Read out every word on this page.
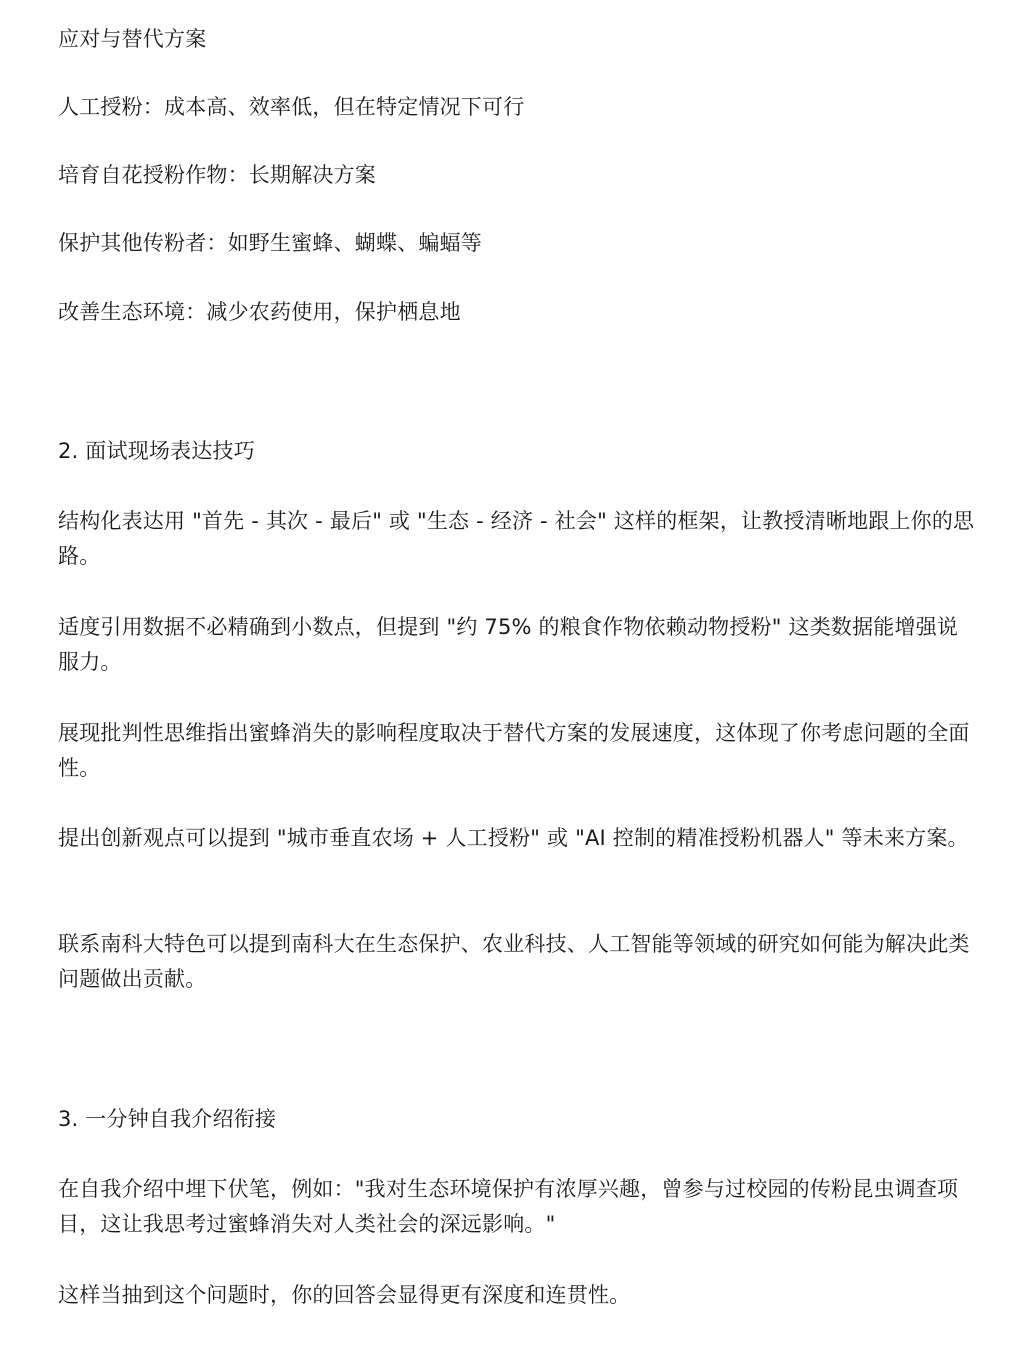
应对与替代方案

人工授粉：成本高、效率低，但在特定情况下可行

培育自花授粉作物：长期解决方案

保护其他传粉者：如野生蜜蜂、蝴蝶、蝙蝠等

改善生态环境：减少农药使用，保护栖息地

2. 面试现场表达技巧

结构化表达用 "首先 - 其次 - 最后" 或 "生态 - 经济 - 社会" 这样的框架，让教授清晰地跟上你的思路。

适度引用数据不必精确到小数点，但提到 "约 75% 的粮食作物依赖动物授粉" 这类数据能增强说服力。

展现批判性思维指出蜜蜂消失的影响程度取决于替代方案的发展速度，这体现了你考虑问题的全面性。

提出创新观点可以提到 "城市垂直农场 + 人工授粉" 或 "AI 控制的精准授粉机器人" 等未来方案。

联系南科大特色可以提到南科大在生态保护、农业科技、人工智能等领域的研究如何能为解决此类问题做出贡献。

3. 一分钟自我介绍衔接

在自我介绍中埋下伏笔，例如："我对生态环境保护有浓厚兴趣，曾参与过校园的传粉昆虫调查项目，这让我思考过蜜蜂消失对人类社会的深远影响。"

这样当抽到这个问题时，你的回答会显得更有深度和连贯性。
